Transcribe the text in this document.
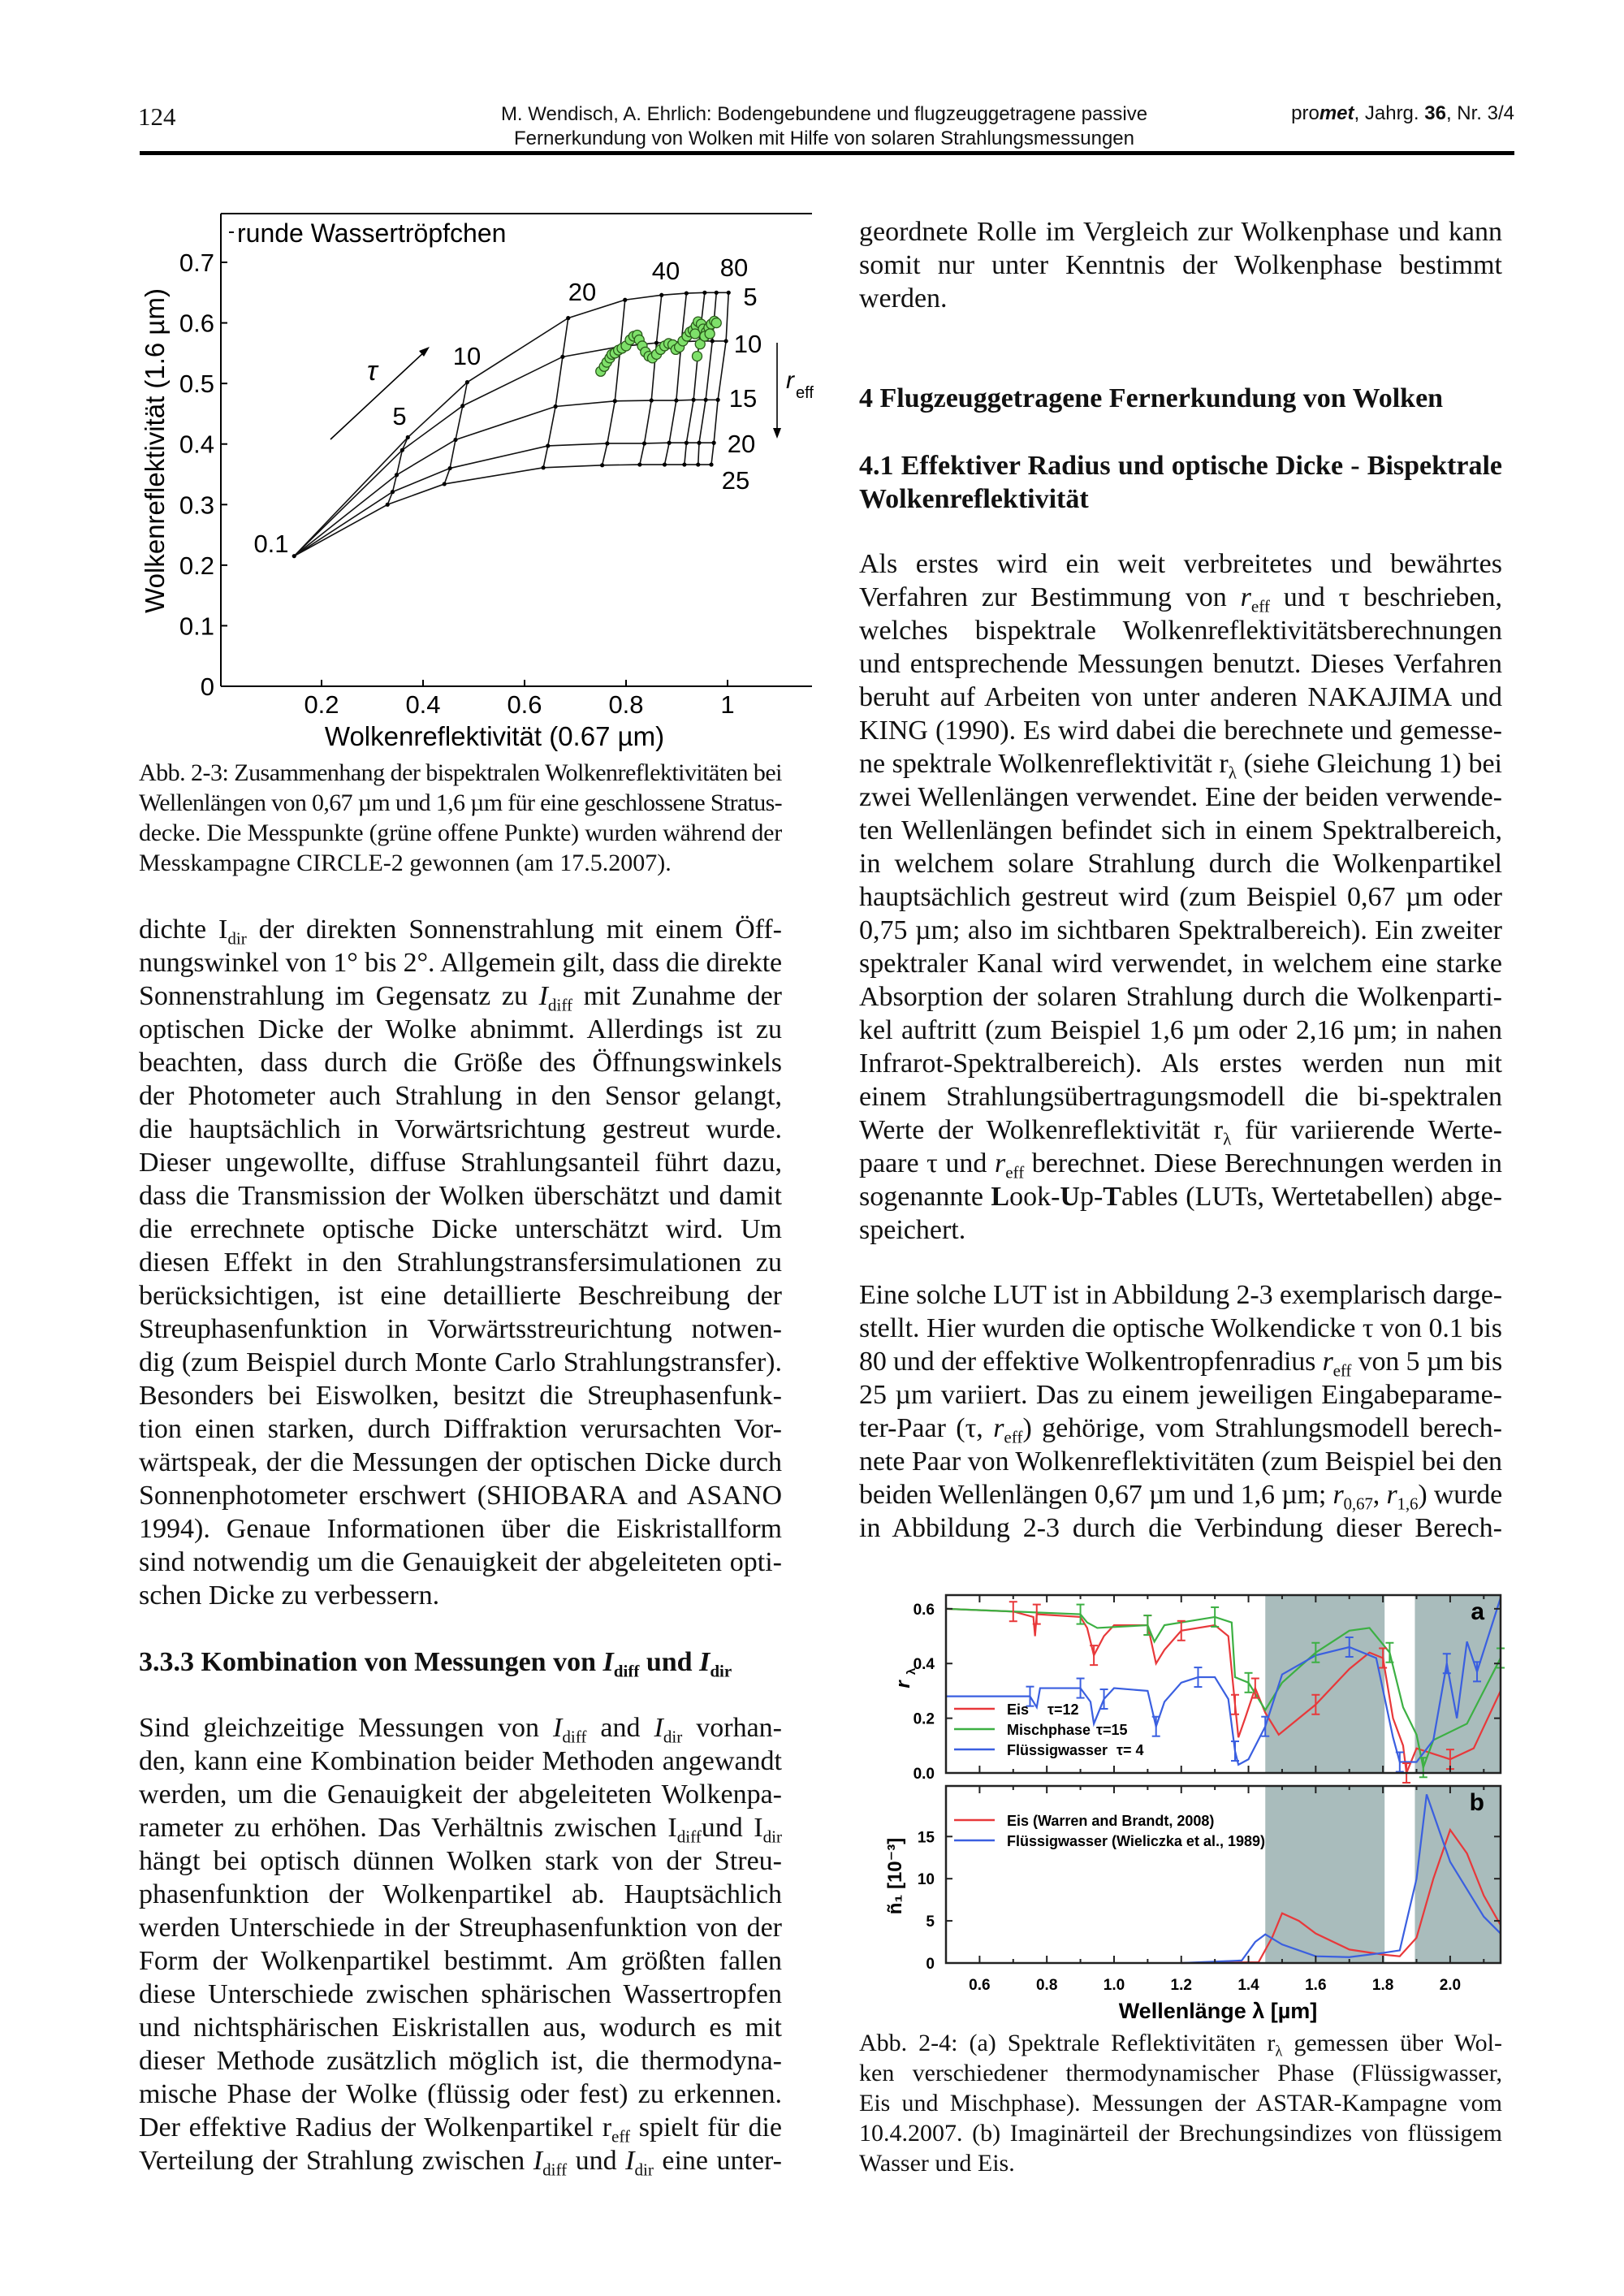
124	M. Wendisch, A. Ehrlich: Bodengebundene und flugzeuggetragene passive
Fernerkundung von Wolken mit Hilfe von solaren Strahlungsmessungen
promet, Jahrg. 36, Nr. 3/4
0
0.1
0.2
0.3
0.4
0.5
0.6
0.7
0.2	0.4	0.6	0.8	1
runde Wassertröpfchen
Wolkenreflektivität (0.67 µm)
Wolkenreflektivität (1.6 µm)	0.1
5
10
20
40 80
5
10
15
20
25
τ	r eff
Abb. 2-3: Zusammenhang der bispektralen Wolkenreflektivitäten bei
Wellenlängen von 0,67 µm und 1,6 µm für eine geschlossene Stratus-
decke. Die Messpunkte (grüne offene Punkte) wurden während der
Messkampagne CIRCLE-2 gewonnen (am 17.5.2007).
dichte $I_{dir}$ der direkten Sonnenstrahlung mit einem Öff-
nungswinkel von 1° bis 2°. Allgemein gilt, dass die direkte
Sonnenstrahlung im Gegensatz zu $I_{diff}$ mit Zunahme der
optischen Dicke der Wolke abnimmt. Allerdings ist zu
beachten, dass durch die Größe des Öffnungswinkels
der Photometer auch Strahlung in den Sensor gelangt,
die hauptsächlich in Vorwärtsrichtung gestreut wurde.
Dieser ungewollte, diffuse Strahlungsanteil führt dazu,
dass die Transmission der Wolken überschätzt und damit
die errechnete optische Dicke unterschätzt wird. Um
diesen Effekt in den Strahlungstransfersimulationen zu
berücksichtigen, ist eine detaillierte Beschreibung der
Streuphasenfunktion in Vorwärtsstreurichtung notwen-
dig (zum Beispiel durch Monte Carlo Strahlungstransfer).
Besonders bei Eiswolken, besitzt die Streuphasenfunk-
tion einen starken, durch Diffraktion verursachten Vor-
wärtspeak, der die Messungen der optischen Dicke durch
Sonnenphotometer erschwert (SHIOBARA and ASANO
1994). Genaue Informationen über die Eiskristallform
sind notwendig um die Genauigkeit der abgeleiteten opti-
schen Dicke zu verbessern.
3.3.3 Kombination von Messungen von $I_{diff}$ und $I_{dir}$
Sind gleichzeitige Messungen von $I_{diff}$ and $I_{dir}$ vorhan-
den, kann eine Kombination beider Methoden angewandt
werden, um die Genauigkeit der abgeleiteten Wolkenpa-
rameter zu erhöhen. Das Verhältnis zwischen $I_{diff}und$ $I_{dir}$
hängt bei optisch dünnen Wolken stark von der Streu-
phasenfunktion der Wolkenpartikel ab. Hauptsächlich
werden Unterschiede in der Streuphasenfunktion von der
Form der Wolkenpartikel bestimmt. Am größten fallen
diese Unterschiede zwischen sphärischen Wassertropfen
und nichtsphärischen Eiskristallen aus, wodurch es mit
dieser Methode zusätzlich möglich ist, die thermodyna-
mische Phase der Wolke (flüssig oder fest) zu erkennen.
Der effektive Radius der Wolkenpartikel $r_{eff}$ spielt für die
Verteilung der Strahlung zwischen $I_{diff}$ und $I_{dir}$ eine unter-
geordnete Rolle im Vergleich zur Wolkenphase und kann
somit nur unter Kenntnis der Wolkenphase bestimmt
werden.
4 Flugzeuggetragene Fernerkundung von Wolken
4.1 Effektiver Radius und optische Dicke - Bispektrale
Wolkenreflektivität
Als erstes wird ein weit verbreitetes und bewährtes
Verfahren zur Bestimmung von $r_{eff}$ und τ beschrieben,
welches bispektrale Wolkenreflektivitätsberechnungen
und entsprechende Messungen benutzt. Dieses Verfahren
beruht auf Arbeiten von unter anderen NAKAJIMA und
KING (1990). Es wird dabei die berechnete und gemesse-
ne spektrale Wolkenreflektivität $r_\lambda$ (siehe Gleichung 1) bei
zwei Wellenlängen verwendet. Eine der beiden verwende-
ten Wellenlängen befindet sich in einem Spektralbereich,
in welchem solare Strahlung durch die Wolkenpartikel
hauptsächlich gestreut wird (zum Beispiel 0,67 µm oder
0,75 µm; also im sichtbaren Spektralbereich). Ein zweiter
spektraler Kanal wird verwendet, in welchem eine starke
Absorption der solaren Strahlung durch die Wolkenparti-
kel auftritt (zum Beispiel 1,6 µm oder 2,16 µm; in nahen
Infrarot-Spektralbereich). Als erstes werden nun mit
einem Strahlungsübertragungsmodell die bi-spektralen
Werte der Wolkenreflektivität $r_\lambda$ für variierende Werte-
paare τ und $r_{eff}$ berechnet. Diese Berechnungen werden in
sogenannte Look-Up-Tables (LUTs, Wertetabellen) abge-
speichert.
Eine solche LUT ist in Abbildung 2-3 exemplarisch darge-
stellt. Hier wurden die optische Wolkendicke τ von 0.1 bis
80 und der effektive Wolkentropfenradius $r_{eff}$ von 5 µm bis
25 µm variiert. Das zu einem jeweiligen Eingabeparame-
ter-Paar (τ, $r_{eff}$) gehörige, vom Strahlungsmodell berech-
nete Paar von Wolkenreflektivitäten (zum Beispiel bei den
beiden Wellenlängen 0,67 µm und 1,6 µm; $r_{0,67}$, $r_{1,6}$) wurde
in Abbildung 2-3 durch die Verbindung dieser Berech-
0.0
0.2
0.4
0.6	a
Eis τ=12
Mischphase τ=15
Flüssigwasser τ= 4
0
5
10
15
b
Eis (Warren and Brandt, 2008)
Flüssigwasser (Wieliczka et al., 1989)
0.6	0.8	1.0	1.2	1.4	1.6	1.8	2.0
Wellenlänge λ [µm]
r
λ
ñ₁ [10⁻³]
Abb. 2-4: (a) Spektrale Reflektivitäten $r_\lambda$ gemessen über Wol-
ken verschiedener thermodynamischer Phase (Flüssigwasser,
Eis und Mischphase). Messungen der ASTAR-Kampagne vom
10.4.2007. (b) Imaginärteil der Brechungsindizes von flüssigem
Wasser und Eis.
